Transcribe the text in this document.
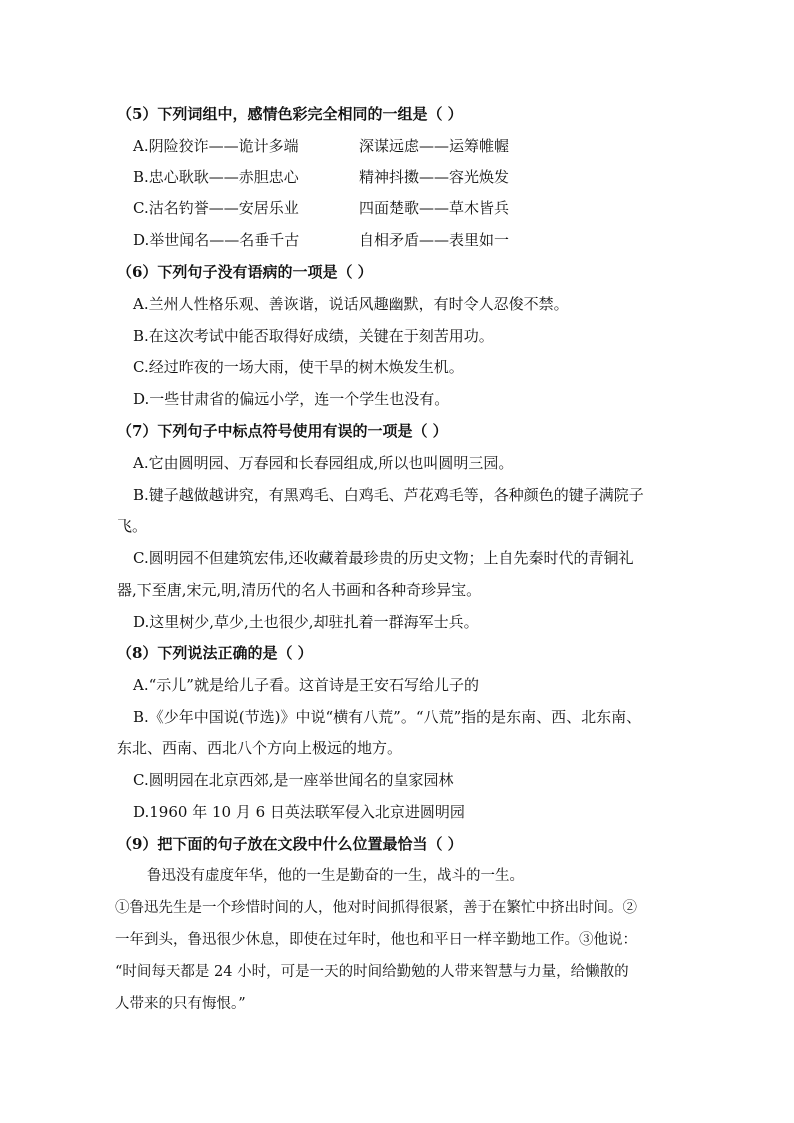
（5）下列词组中，感情色彩完全相同的一组是（ ）
A.阴险狡诈——诡计多端	深谋远虑——运筹帷幄
B.忠心耿耿——赤胆忠心	精神抖擞——容光焕发
C.沽名钓誉——安居乐业	四面楚歌——草木皆兵
D.举世闻名——名垂千古	自相矛盾——表里如一
（6）下列句子没有语病的一项是（ ）
A.兰州人性格乐观、善诙谐，说话风趣幽默，有时令人忍俊不禁。
B.在这次考试中能否取得好成绩，关键在于刻苦用功。
C.经过昨夜的一场大雨，使干旱的树木焕发生机。
D.一些甘肃省的偏远小学，连一个学生也没有。
（7）下列句子中标点符号使用有误的一项是（ ）
A.它由圆明园、万春园和长春园组成,所以也叫圆明三园。
B.键子越做越讲究，有黑鸡毛、白鸡毛、芦花鸡毛等，各种颜色的键子满院子
飞。
C.圆明园不但建筑宏伟,还收藏着最珍贵的历史文物；上自先秦时代的青铜礼
器,下至唐,宋元,明,清历代的名人书画和各种奇珍异宝。
D.这里树少,草少,土也很少,却驻扎着一群海军士兵。
（8）下列说法正确的是（ ）
A.“示儿”就是给儿子看。这首诗是王安石写给儿子的
B.《少年中国说(节选)》中说“横有八荒”。“八荒”指的是东南、西、北东南、
东北、西南、西北八个方向上极远的地方。
C.圆明园在北京西郊,是一座举世闻名的皇家园林
D.1960 年 10 月 6 日英法联军侵入北京进圆明园
（9）把下面的句子放在文段中什么位置最恰当（ ）
鲁迅没有虚度年华，他的一生是勤奋的一生，战斗的一生。
①鲁迅先生是一个珍惜时间的人，他对时间抓得很紧，善于在繁忙中挤出时间。②
一年到头，鲁迅很少休息，即使在过年时，他也和平日一样辛勤地工作。③他说：
“时间每天都是 24 小时，可是一天的时间给勤勉的人带来智慧与力量，给懒散的
人带来的只有悔恨。”
